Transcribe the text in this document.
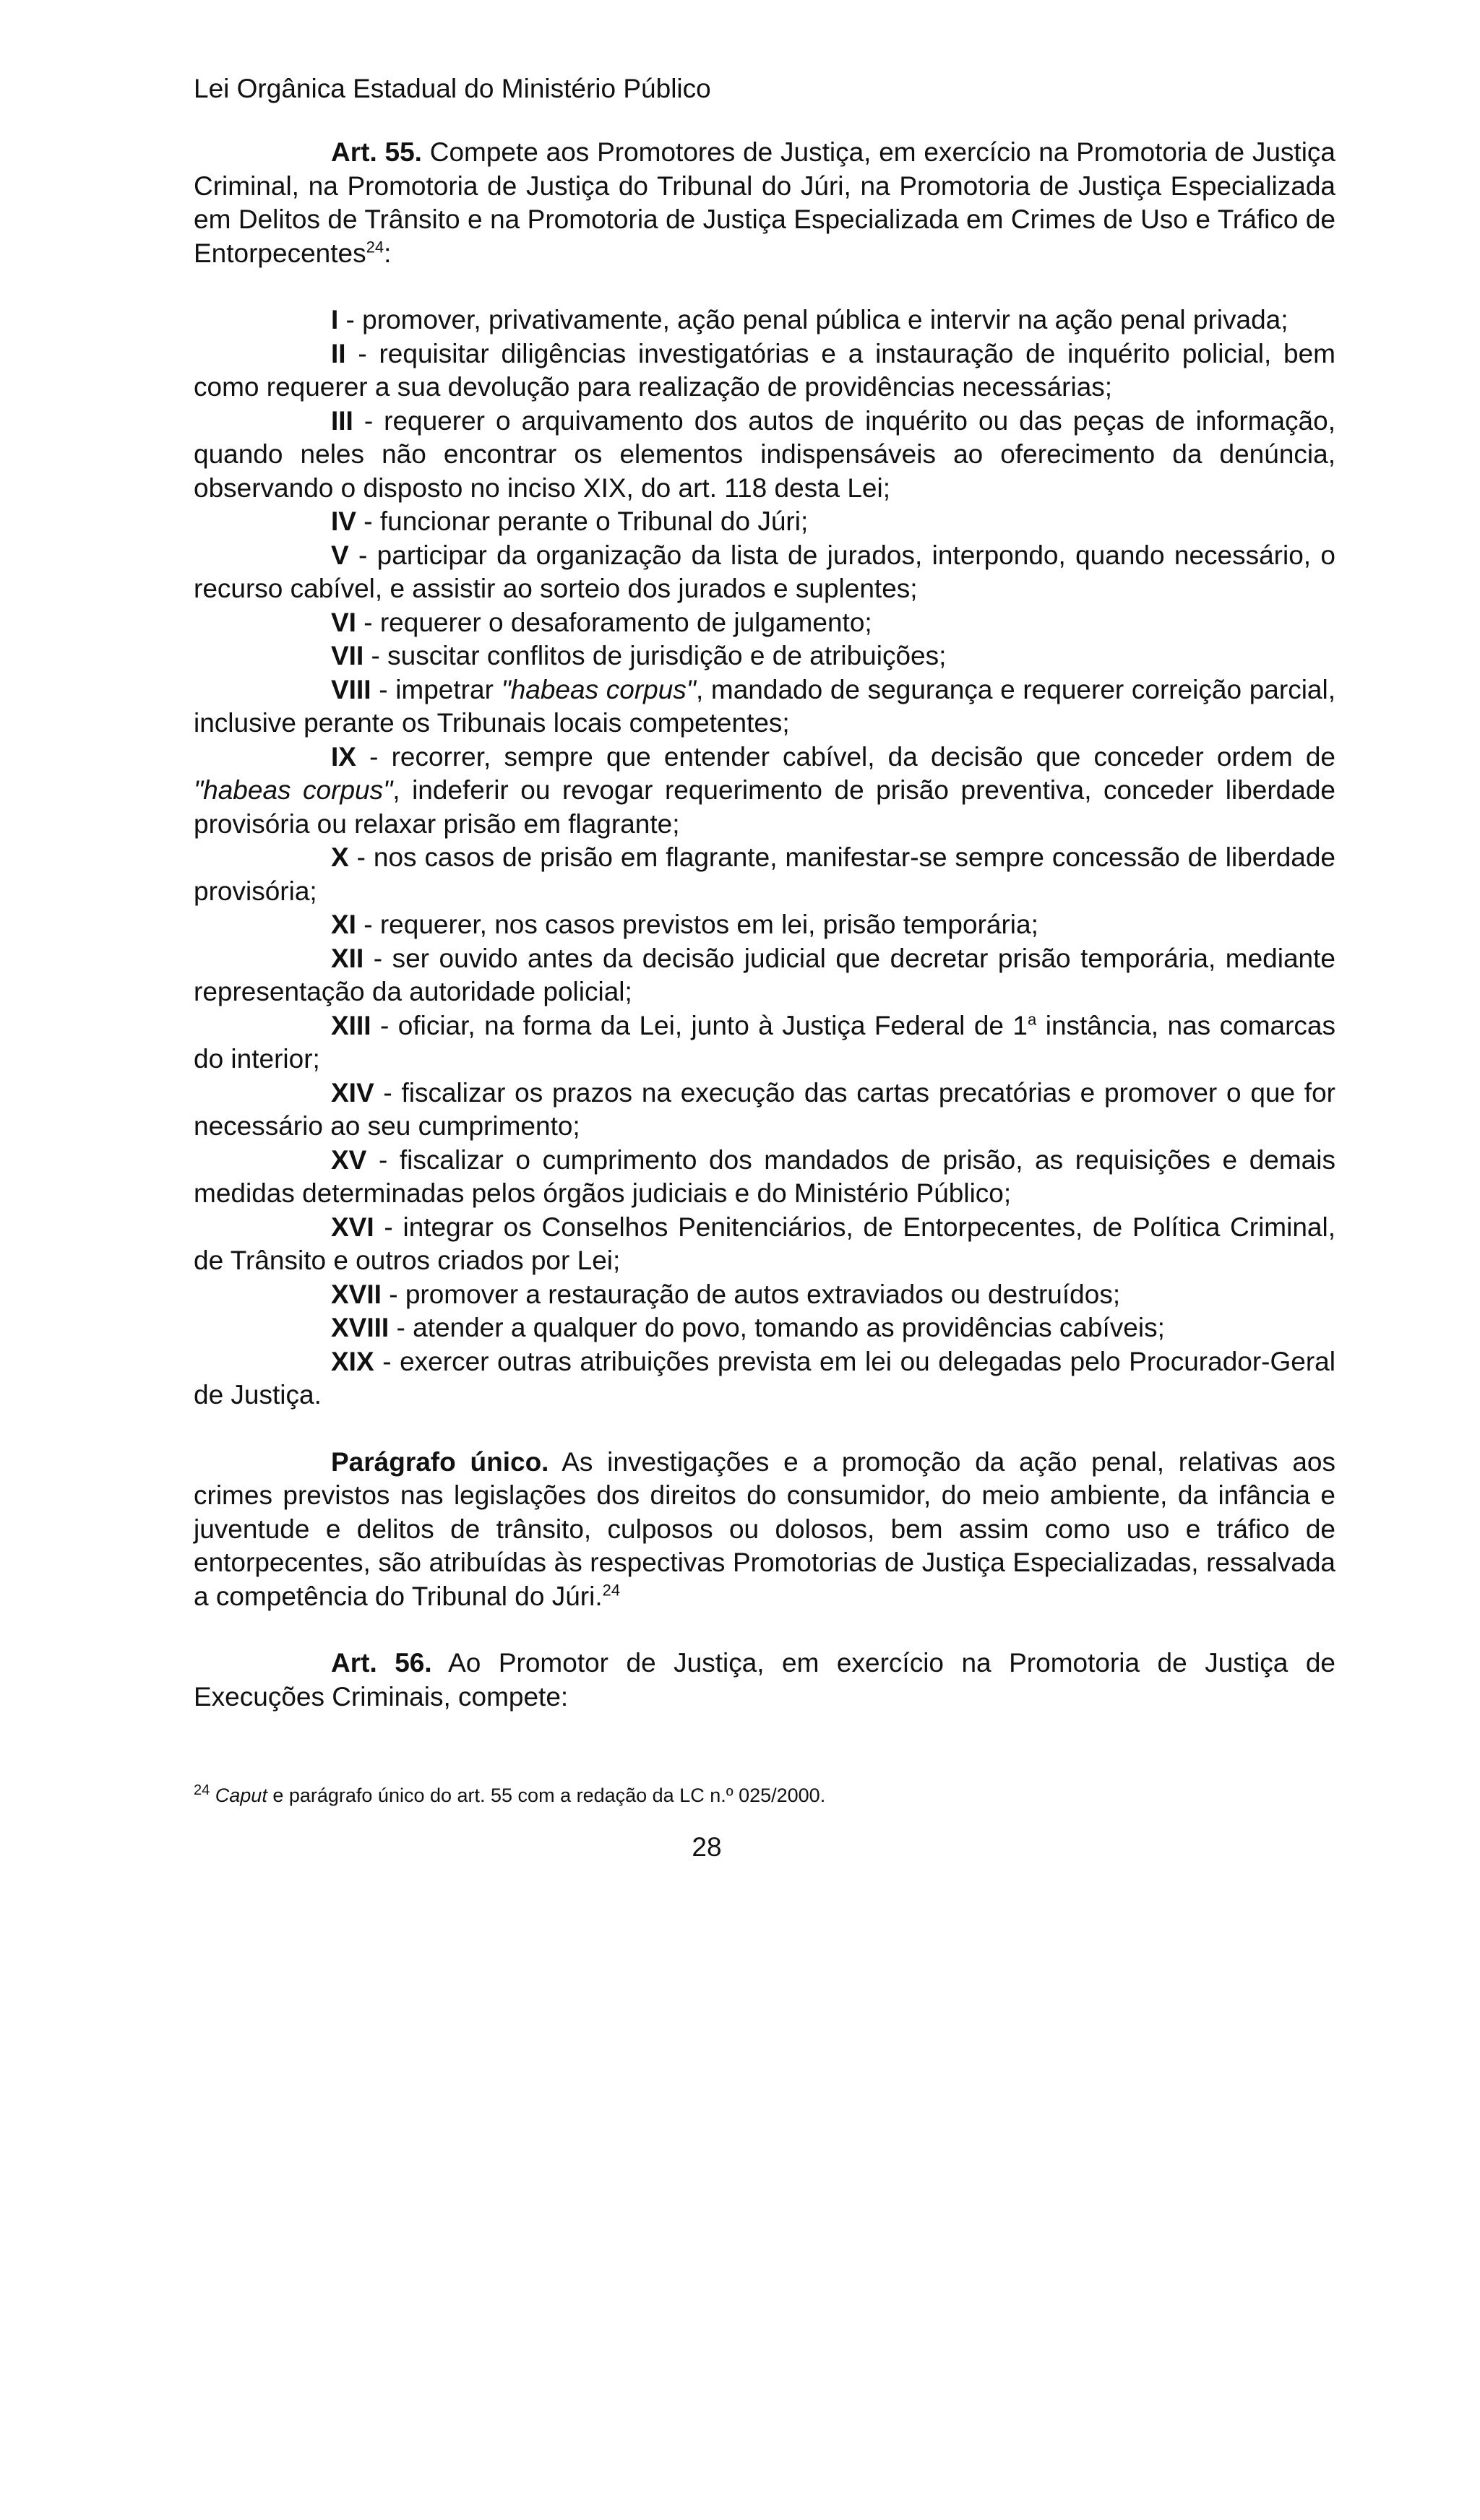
Lei Orgânica Estadual do Ministério Público

Art. 55. Compete aos Promotores de Justiça, em exercício na Promotoria de Justiça Criminal, na Promotoria de Justiça do Tribunal do Júri, na Promotoria de Justiça Especializada em Delitos de Trânsito e na Promotoria de Justiça Especializada em Crimes de Uso e Tráfico de Entorpecentes$^{24}$:

I - promover, privativamente, ação penal pública e intervir na ação penal privada;

II - requisitar diligências investigatórias e a instauração de inquérito policial, bem como requerer a sua devolução para realização de providências necessárias;

III - requerer o arquivamento dos autos de inquérito ou das peças de informação, quando neles não encontrar os elementos indispensáveis ao oferecimento da denúncia, observando o disposto no inciso XIX, do art. 118 desta Lei;

IV - funcionar perante o Tribunal do Júri;

V - participar da organização da lista de jurados, interpondo, quando necessário, o recurso cabível, e assistir ao sorteio dos jurados e suplentes;

VI - requerer o desaforamento de julgamento;

VII - suscitar conflitos de jurisdição e de atribuições;

VIII - impetrar "habeas corpus", mandado de segurança e requerer correição parcial, inclusive perante os Tribunais locais competentes;

IX - recorrer, sempre que entender cabível, da decisão que conceder ordem de "habeas corpus", indeferir ou revogar requerimento de prisão preventiva, conceder liberdade provisória ou relaxar prisão em flagrante;

X - nos casos de prisão em flagrante, manifestar-se sempre concessão de liberdade provisória;

XI - requerer, nos casos previstos em lei, prisão temporária;

XII - ser ouvido antes da decisão judicial que decretar prisão temporária, mediante representação da autoridade policial;

XIII - oficiar, na forma da Lei, junto à Justiça Federal de 1$^a$ instância, nas comarcas do interior;

XIV - fiscalizar os prazos na execução das cartas precatórias e promover o que for necessário ao seu cumprimento;

XV - fiscalizar o cumprimento dos mandados de prisão, as requisições e demais medidas determinadas pelos órgãos judiciais e do Ministério Público;

XVI - integrar os Conselhos Penitenciários, de Entorpecentes, de Política Criminal, de Trânsito e outros criados por Lei;

XVII - promover a restauração de autos extraviados ou destruídos;

XVIII - atender a qualquer do povo, tomando as providências cabíveis;

XIX - exercer outras atribuições prevista em lei ou delegadas pelo Procurador-Geral de Justiça.

Parágrafo único. As investigações e a promoção da ação penal, relativas aos crimes previstos nas legislações dos direitos do consumidor, do meio ambiente, da infância e juventude e delitos de trânsito, culposos ou dolosos, bem assim como uso e tráfico de entorpecentes, são atribuídas às respectivas Promotorias de Justiça Especializadas, ressalvada a competência do Tribunal do Júri.$^{24}$

Art. 56. Ao Promotor de Justiça, em exercício na Promotoria de Justiça de Execuções Criminais, compete:

$^{24}$ Caput e parágrafo único do art. 55 com a redação da LC n.º 025/2000.
28
